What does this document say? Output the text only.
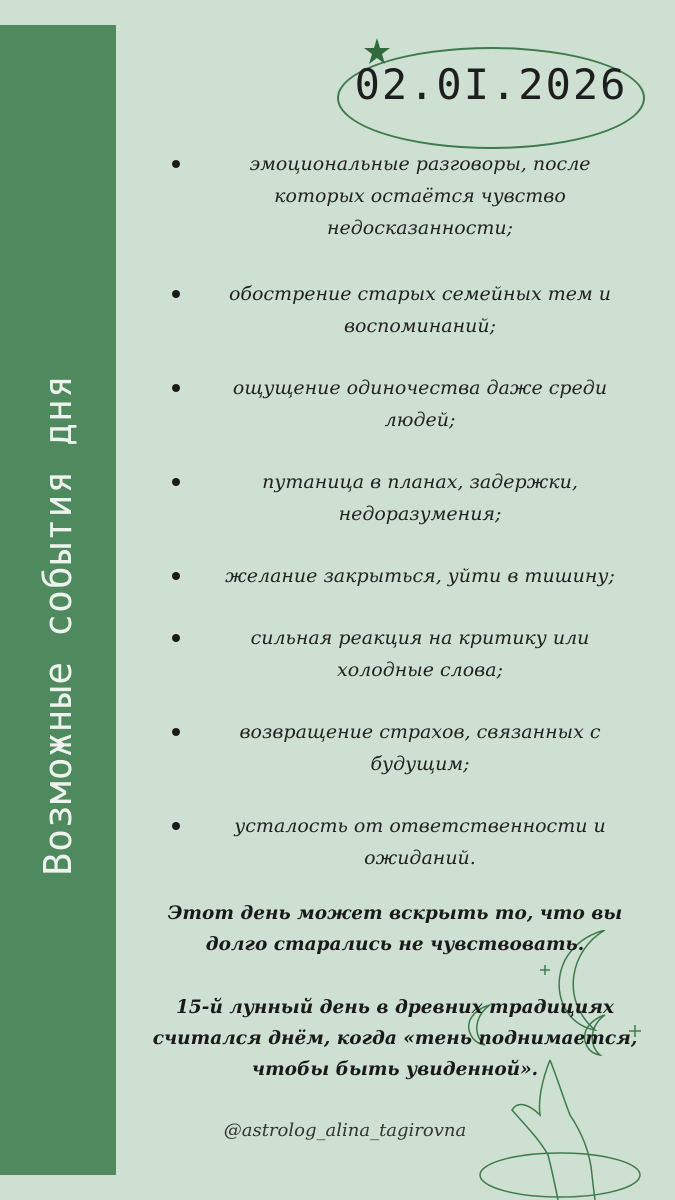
Возможные события дня
02.0I.2026
эмоциональные разговоры, после которых остаётся чувство недосказанности;
обострение старых семейных тем и воспоминаний;
ощущение одиночества даже среди людей;
путаница в планах, задержки, недоразумения;
желание закрыться, уйти в тишину;
сильная реакция на критику или холодные слова;
возвращение страхов, связанных с будущим;
усталость от ответственности и ожиданий.
Этот день может вскрыть то, что вы долго старались не чувствовать.
15-й лунный день в древних традициях считался днём, когда «тень поднимается, чтобы быть увиденной».
@astrolog_alina_tagirovna
